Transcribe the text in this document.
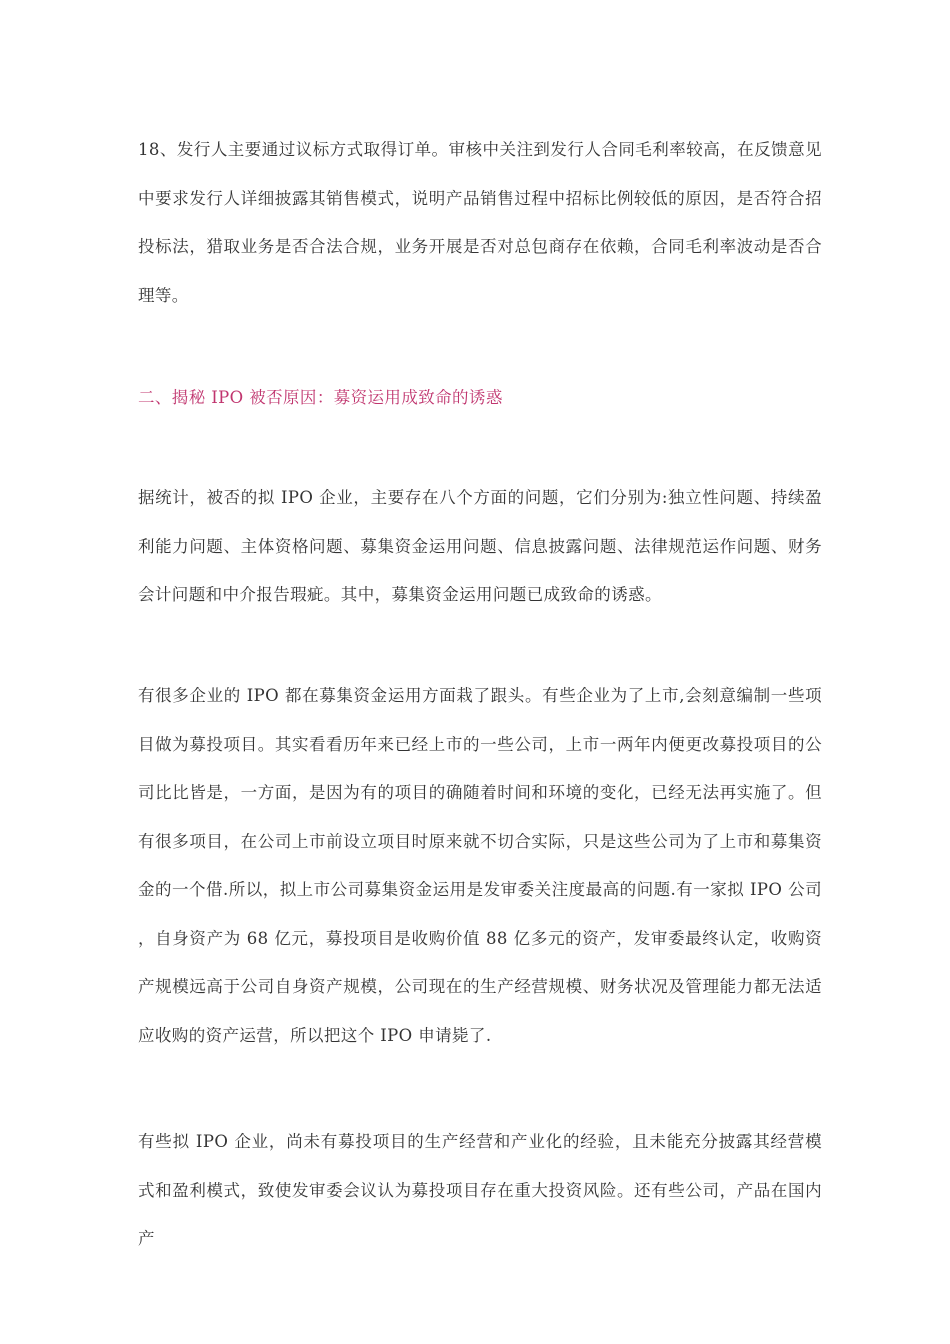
18、发行人主要通过议标方式取得订单。审核中关注到发行人合同毛利率较高，在反馈意见中要求发行人详细披露其销售模式，说明产品销售过程中招标比例较低的原因，是否符合招投标法，猎取业务是否合法合规，业务开展是否对总包商存在依赖，合同毛利率波动是否合理等。

二、揭秘 IPO 被否原因：募资运用成致命的诱惑

据统计，被否的拟 IPO 企业，主要存在八个方面的问题，它们分别为:独立性问题、持续盈利能力问题、主体资格问题、募集资金运用问题、信息披露问题、法律规范运作问题、财务会计问题和中介报告瑕疵。其中，募集资金运用问题已成致命的诱惑。

有很多企业的 IPO 都在募集资金运用方面栽了跟头。有些企业为了上市,会刻意编制一些项目做为募投项目。其实看看历年来已经上市的一些公司，上市一两年内便更改募投项目的公司比比皆是，一方面，是因为有的项目的确随着时间和环境的变化，已经无法再实施了。但有很多项目，在公司上市前设立项目时原来就不切合实际，只是这些公司为了上市和募集资金的一个借.所以，拟上市公司募集资金运用是发审委关注度最高的问题.有一家拟 IPO 公司，自身资产为 68 亿元，募投项目是收购价值 88 亿多元的资产，发审委最终认定，收购资产规模远高于公司自身资产规模，公司现在的生产经营规模、财务状况及管理能力都无法适应收购的资产运营，所以把这个 IPO 申请毙了.

有些拟 IPO 企业，尚未有募投项目的生产经营和产业化的经验，且未能充分披露其经营模式和盈利模式，致使发审委会议认为募投项目存在重大投资风险。还有些公司，产品在国内产
